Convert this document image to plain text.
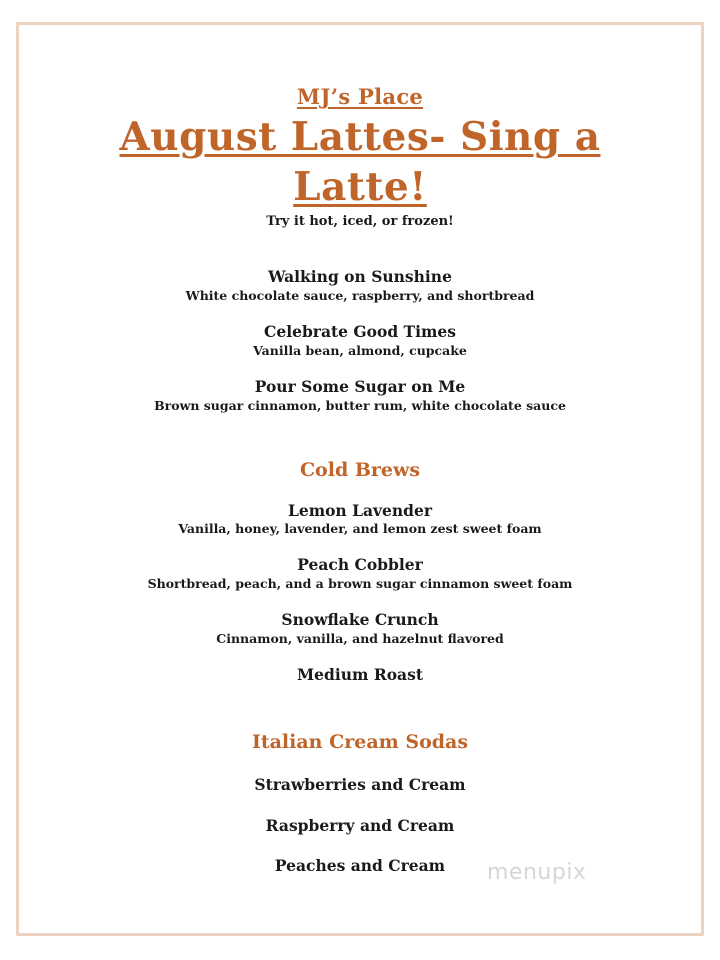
MJ’s Place
August Lattes- Sing a
Latte!
Try it hot, iced, or frozen!
Walking on Sunshine
White chocolate sauce, raspberry, and shortbread
Celebrate Good Times
Vanilla bean, almond, cupcake
Pour Some Sugar on Me
Brown sugar cinnamon, butter rum, white chocolate sauce
Cold Brews
Lemon Lavender
Vanilla, honey, lavender, and lemon zest sweet foam
Peach Cobbler
Shortbread, peach, and a brown sugar cinnamon sweet foam
Snowflake Crunch
Cinnamon, vanilla, and hazelnut flavored
Medium Roast
Italian Cream Sodas
Strawberries and Cream
Raspberry and Cream
Peaches and Cream	menupix
